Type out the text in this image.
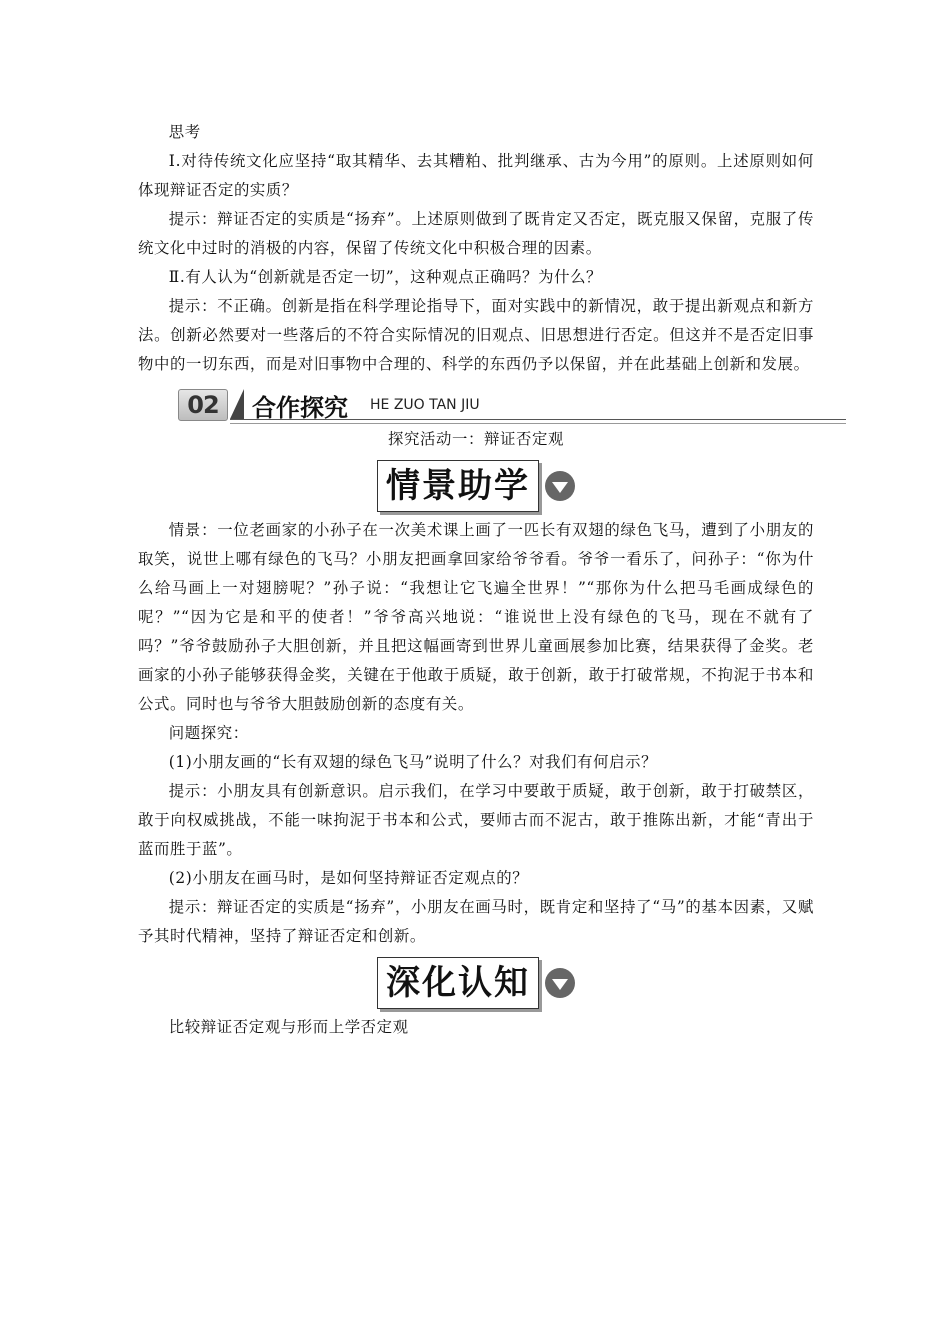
思考

Ⅰ.对待传统文化应坚持“取其精华、去其糟粕、批判继承、古为今用”的原则。上述原则如何体现辩证否定的实质？

提示：辩证否定的实质是“扬弃”。上述原则做到了既肯定又否定，既克服又保留，克服了传统文化中过时的消极的内容，保留了传统文化中积极合理的因素。

Ⅱ.有人认为“创新就是否定一切”，这种观点正确吗？为什么？

提示：不正确。创新是指在科学理论指导下，面对实践中的新情况，敢于提出新观点和新方法。创新必然要对一些落后的不符合实际情况的旧观点、旧思想进行否定。但这并不是否定旧事物中的一切东西，而是对旧事物中合理的、科学的东西仍予以保留，并在此基础上创新和发展。

02 合作探究 HE ZUO TAN JIU

探究活动一：辩证否定观

情景助学

情景：一位老画家的小孙子在一次美术课上画了一匹长有双翅的绿色飞马，遭到了小朋友的取笑，说世上哪有绿色的飞马？小朋友把画拿回家给爷爷看。爷爷一看乐了，问孙子：“你为什么给马画上一对翅膀呢？”孙子说：“我想让它飞遍全世界！”“那你为什么把马毛画成绿色的呢？”“因为它是和平的使者！”爷爷高兴地说：“谁说世上没有绿色的飞马，现在不就有了吗？”爷爷鼓励孙子大胆创新，并且把这幅画寄到世界儿童画展参加比赛，结果获得了金奖。老画家的小孙子能够获得金奖，关键在于他敢于质疑，敢于创新，敢于打破常规，不拘泥于书本和公式。同时也与爷爷大胆鼓励创新的态度有关。

问题探究：

(1)小朋友画的“长有双翅的绿色飞马”说明了什么？对我们有何启示？

提示：小朋友具有创新意识。启示我们，在学习中要敢于质疑，敢于创新，敢于打破禁区，敢于向权威挑战，不能一味拘泥于书本和公式，要师古而不泥古，敢于推陈出新，才能“青出于蓝而胜于蓝”。

(2)小朋友在画马时，是如何坚持辩证否定观点的？

提示：辩证否定的实质是“扬弃”，小朋友在画马时，既肯定和坚持了“马”的基本因素，又赋予其时代精神，坚持了辩证否定和创新。

深化认知

比较辩证否定观与形而上学否定观
